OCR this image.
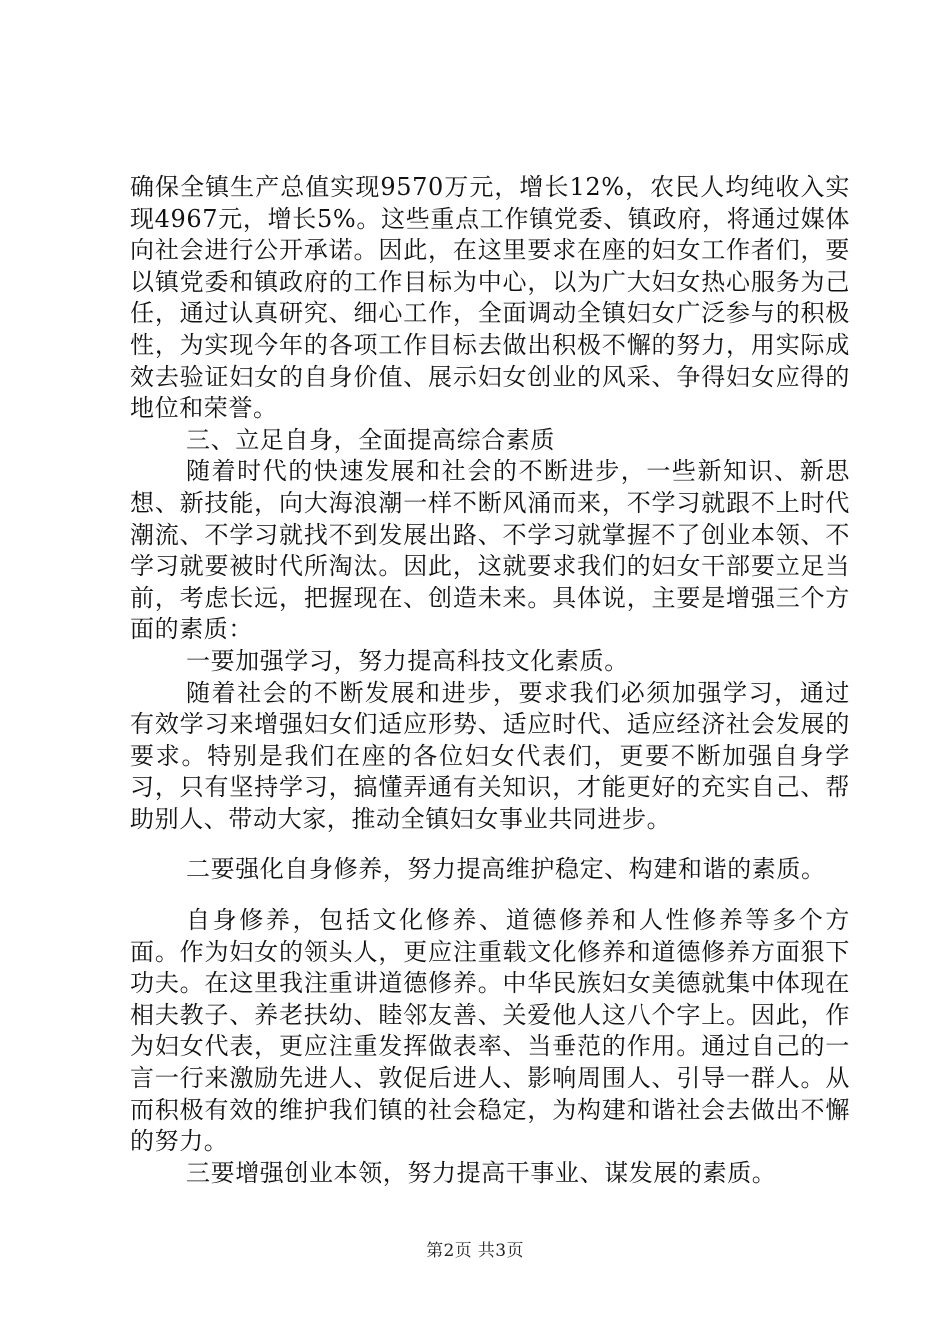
确保全镇生产总值实现9570万元，增长12%，农民人均纯收入实现4967元，增长5%。这些重点工作镇党委、镇政府，将通过媒体向社会进行公开承诺。因此，在这里要求在座的妇女工作者们，要以镇党委和镇政府的工作目标为中心，以为广大妇女热心服务为己任，通过认真研究、细心工作，全面调动全镇妇女广泛参与的积极性，为实现今年的各项工作目标去做出积极不懈的努力，用实际成效去验证妇女的自身价值、展示妇女创业的风采、争得妇女应得的地位和荣誉。

三、立足自身，全面提高综合素质

随着时代的快速发展和社会的不断进步，一些新知识、新思想、新技能，向大海浪潮一样不断风涌而来，不学习就跟不上时代潮流、不学习就找不到发展出路、不学习就掌握不了创业本领、不学习就要被时代所淘汰。因此，这就要求我们的妇女干部要立足当前，考虑长远，把握现在、创造未来。具体说，主要是增强三个方面的素质：

一要加强学习，努力提高科技文化素质。

随着社会的不断发展和进步，要求我们必须加强学习，通过有效学习来增强妇女们适应形势、适应时代、适应经济社会发展的要求。特别是我们在座的各位妇女代表们，更要不断加强自身学习，只有坚持学习，搞懂弄通有关知识，才能更好的充实自己、帮助别人、带动大家，推动全镇妇女事业共同进步。

二要强化自身修养，努力提高维护稳定、构建和谐的素质。

自身修养，包括文化修养、道德修养和人性修养等多个方面。作为妇女的领头人，更应注重载文化修养和道德修养方面狠下功夫。在这里我注重讲道德修养。中华民族妇女美德就集中体现在相夫教子、养老扶幼、睦邻友善、关爱他人这八个字上。因此，作为妇女代表，更应注重发挥做表率、当垂范的作用。通过自己的一言一行来激励先进人、敦促后进人、影响周围人、引导一群人。从而积极有效的维护我们镇的社会稳定，为构建和谐社会去做出不懈的努力。

三要增强创业本领，努力提高干事业、谋发展的素质。

第2页 共3页
